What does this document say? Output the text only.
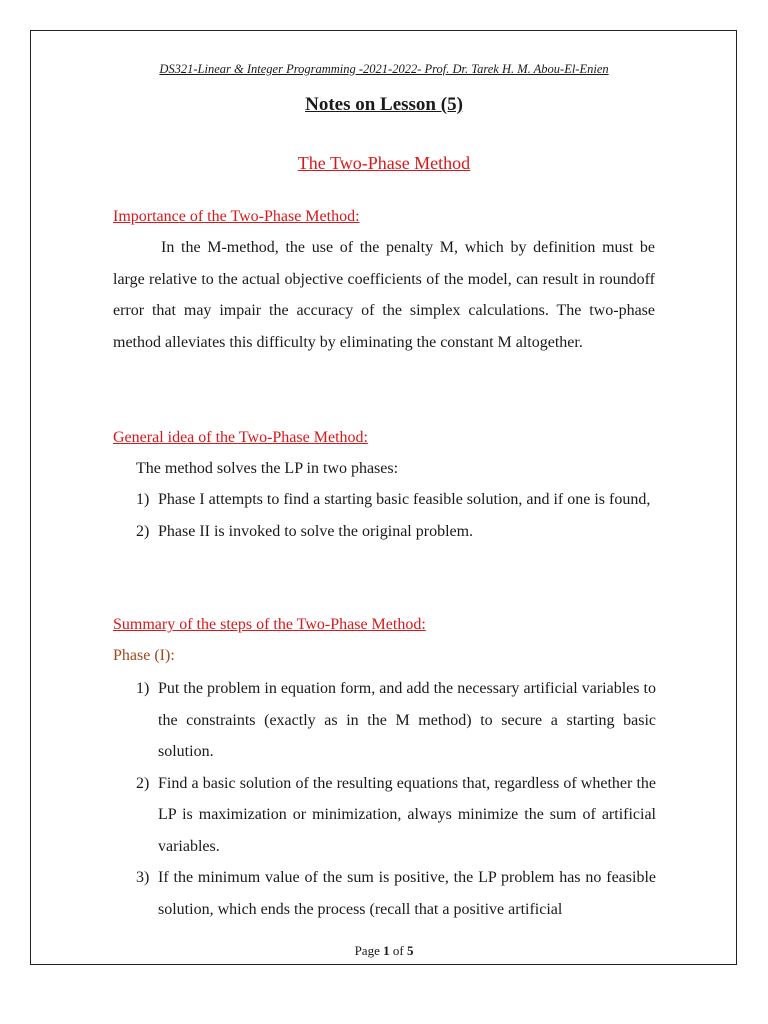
DS321-Linear & Integer Programming -2021-2022- Prof. Dr. Tarek H. M. Abou-El-Enien
Notes on Lesson (5)
The Two-Phase Method
Importance of the Two-Phase Method:

In the M-method, the use of the penalty M, which by definition must be large relative to the actual objective coefficients of the model, can result in roundoff error that may impair the accuracy of the simplex calculations. The two-phase method alleviates this difficulty by eliminating the constant M altogether.

General idea of the Two-Phase Method:
The method solves the LP in two phases:
1) Phase I attempts to find a starting basic feasible solution, and if one is found,
2) Phase II is invoked to solve the original problem.
Summary of the steps of the Two-Phase Method:
Phase (I):
1) Put the problem in equation form, and add the necessary artificial variables to the constraints (exactly as in the M method) to secure a starting basic solution.
2) Find a basic solution of the resulting equations that, regardless of whether the LP is maximization or minimization, always minimize the sum of artificial variables.
3) If the minimum value of the sum is positive, the LP problem has no feasible solution, which ends the process (recall that a positive artificial
Page 1 of 5
